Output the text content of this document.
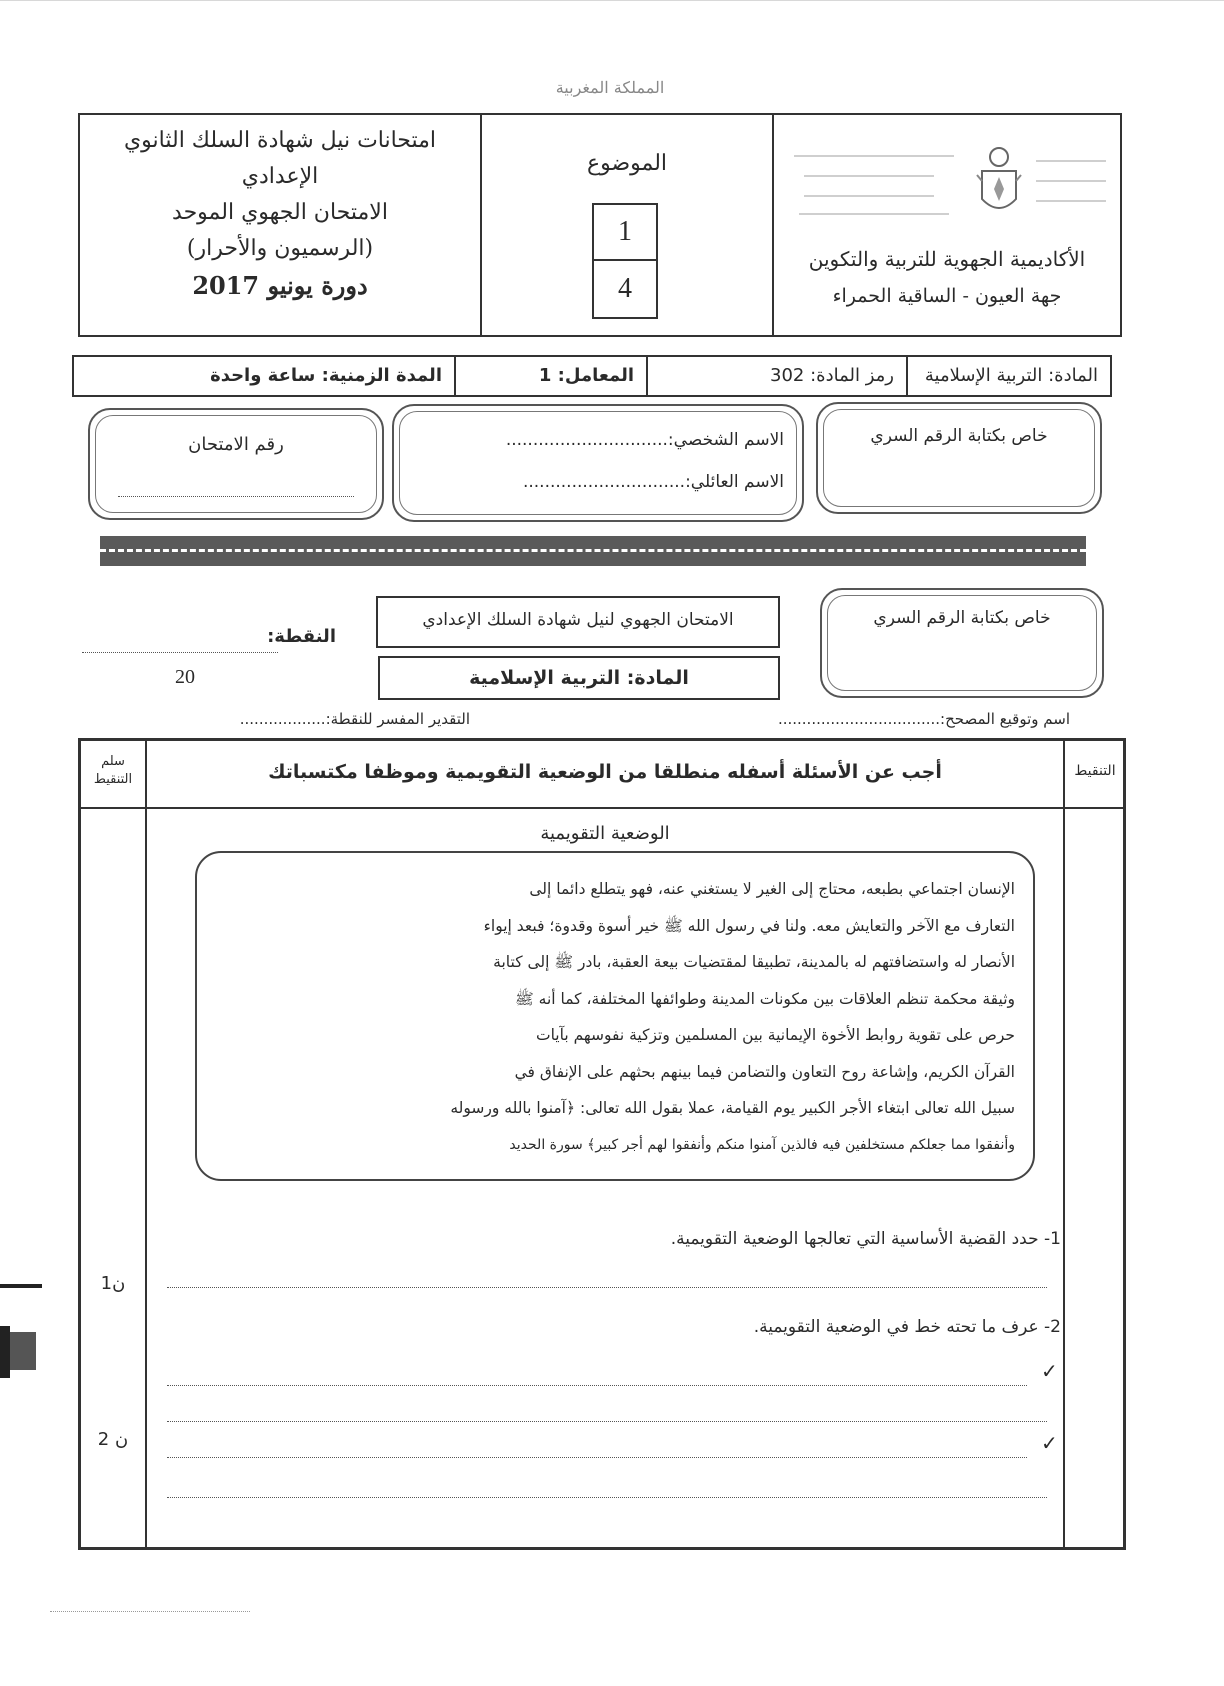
المملكة المغربية
امتحانات نيل شهادة السلك الثانوي
الإعدادي
الامتحان الجهوي الموحد
(الرسميون والأحرار)
دورة يونيو 2017
الموضوع
1
4
الأكاديمية الجهوية للتربية والتكوين
جهة العيون - الساقية الحمراء
المدة الزمنية: ساعة واحدة	المعامل: 1	رمز المادة: 302	المادة: التربية الإسلامية
رقم الامتحان	الاسم الشخصي:..............................
الاسم العائلي:..............................
خاص بكتابة الرقم السري
النقطة:
20
الامتحان الجهوي لنيل شهادة السلك الإعدادي
المادة: التربية الإسلامية
خاص بكتابة الرقم السري
اسم وتوقيع المصحح:..................................
التقدير المفسر للنقطة:..................
سلم التنقيط	أجب عن الأسئلة أسفله منطلقا من الوضعية التقويمية وموظفا مكتسباتك	التنقيط
الوضعية التقويمية
الإنسان اجتماعي بطبعه، محتاج إلى الغير لا يستغني عنه، فهو يتطلع دائما إلى
التعارف مع الآخر والتعايش معه. ولنا في رسول الله ﷺ خير أسوة وقدوة؛ فبعد إيواء
الأنصار له واستضافتهم له بالمدينة، تطبيقا لمقتضيات بيعة العقبة، بادر ﷺ إلى كتابة
وثيقة محكمة تنظم العلاقات بين مكونات المدينة وطوائفها المختلفة، كما أنه ﷺ
حرص على تقوية روابط الأخوة الإيمانية بين المسلمين وتزكية نفوسهم بآيات
القرآن الكريم، وإشاعة روح التعاون والتضامن فيما بينهم بحثهم على الإنفاق في
سبيل الله تعالى ابتغاء الأجر الكبير يوم القيامة، عملا بقول الله تعالى: ﴿آمنوا بالله ورسوله
وأنفقوا مما جعلكم مستخلفين فيه فالذين آمنوا منكم وأنفقوا لهم أجر كبير﴾ سورة الحديد
1- حدد القضية الأساسية التي تعالجها الوضعية التقويمية.
1ن
2- عرف ما تحته خط في الوضعية التقويمية.
✓
2 ن	✓
